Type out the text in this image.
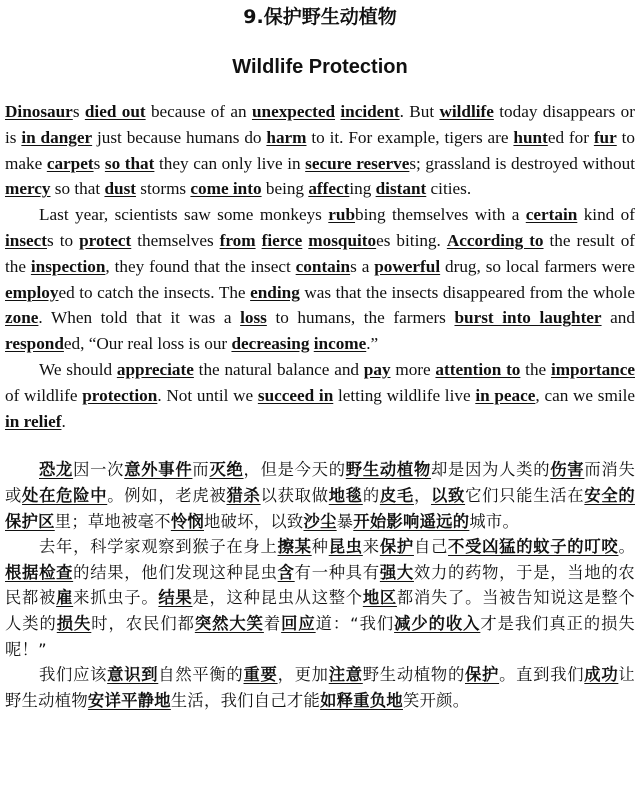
9.保护野生动植物
Wildlife Protection

Dinosaurs died out because of an unexpected incident. But wildlife today disappears or is in danger just because humans do harm to it. For example, tigers are hunted for fur to make carpets so that they can only live in secure reserves; grassland is destroyed without mercy so that dust storms come into being affecting distant cities.

Last year, scientists saw some monkeys rubbing themselves with a certain kind of insects to protect themselves from fierce mosquitoes biting. According to the result of the inspection, they found that the insect contains a powerful drug, so local farmers were employed to catch the insects. The ending was that the insects disappeared from the whole zone. When told that it was a loss to humans, the farmers burst into laughter and responded, “Our real loss is our decreasing income.”

We should appreciate the natural balance and pay more attention to the importance of wildlife protection. Not until we succeed in letting wildlife live in peace, can we smile in relief.

恐龙因一次意外事件而灭绝，但是今天的野生动植物却是因为人类的伤害而消失或处在危险中。例如，老虎被猎杀以获取做地毯的皮毛，以致它们只能生活在安全的保护区里；草地被毫不怜悯地破坏，以致沙尘暴开始影响遥远的城市。

去年，科学家观察到猴子在身上擦某种昆虫来保护自己不受凶猛的蚊子的叮咬。根据检查的结果，他们发现这种昆虫含有一种具有强大效力的药物，于是，当地的农民都被雇来抓虫子。结果是，这种昆虫从这整个地区都消失了。当被告知说这是整个人类的损失时，农民们都突然大笑着回应道：“我们减少的收入才是我们真正的损失呢！”

我们应该意识到自然平衡的重要，更加注意野生动植物的保护。直到我们成功让野生动植物安详平静地生活，我们自己才能如释重负地笑开颜。
